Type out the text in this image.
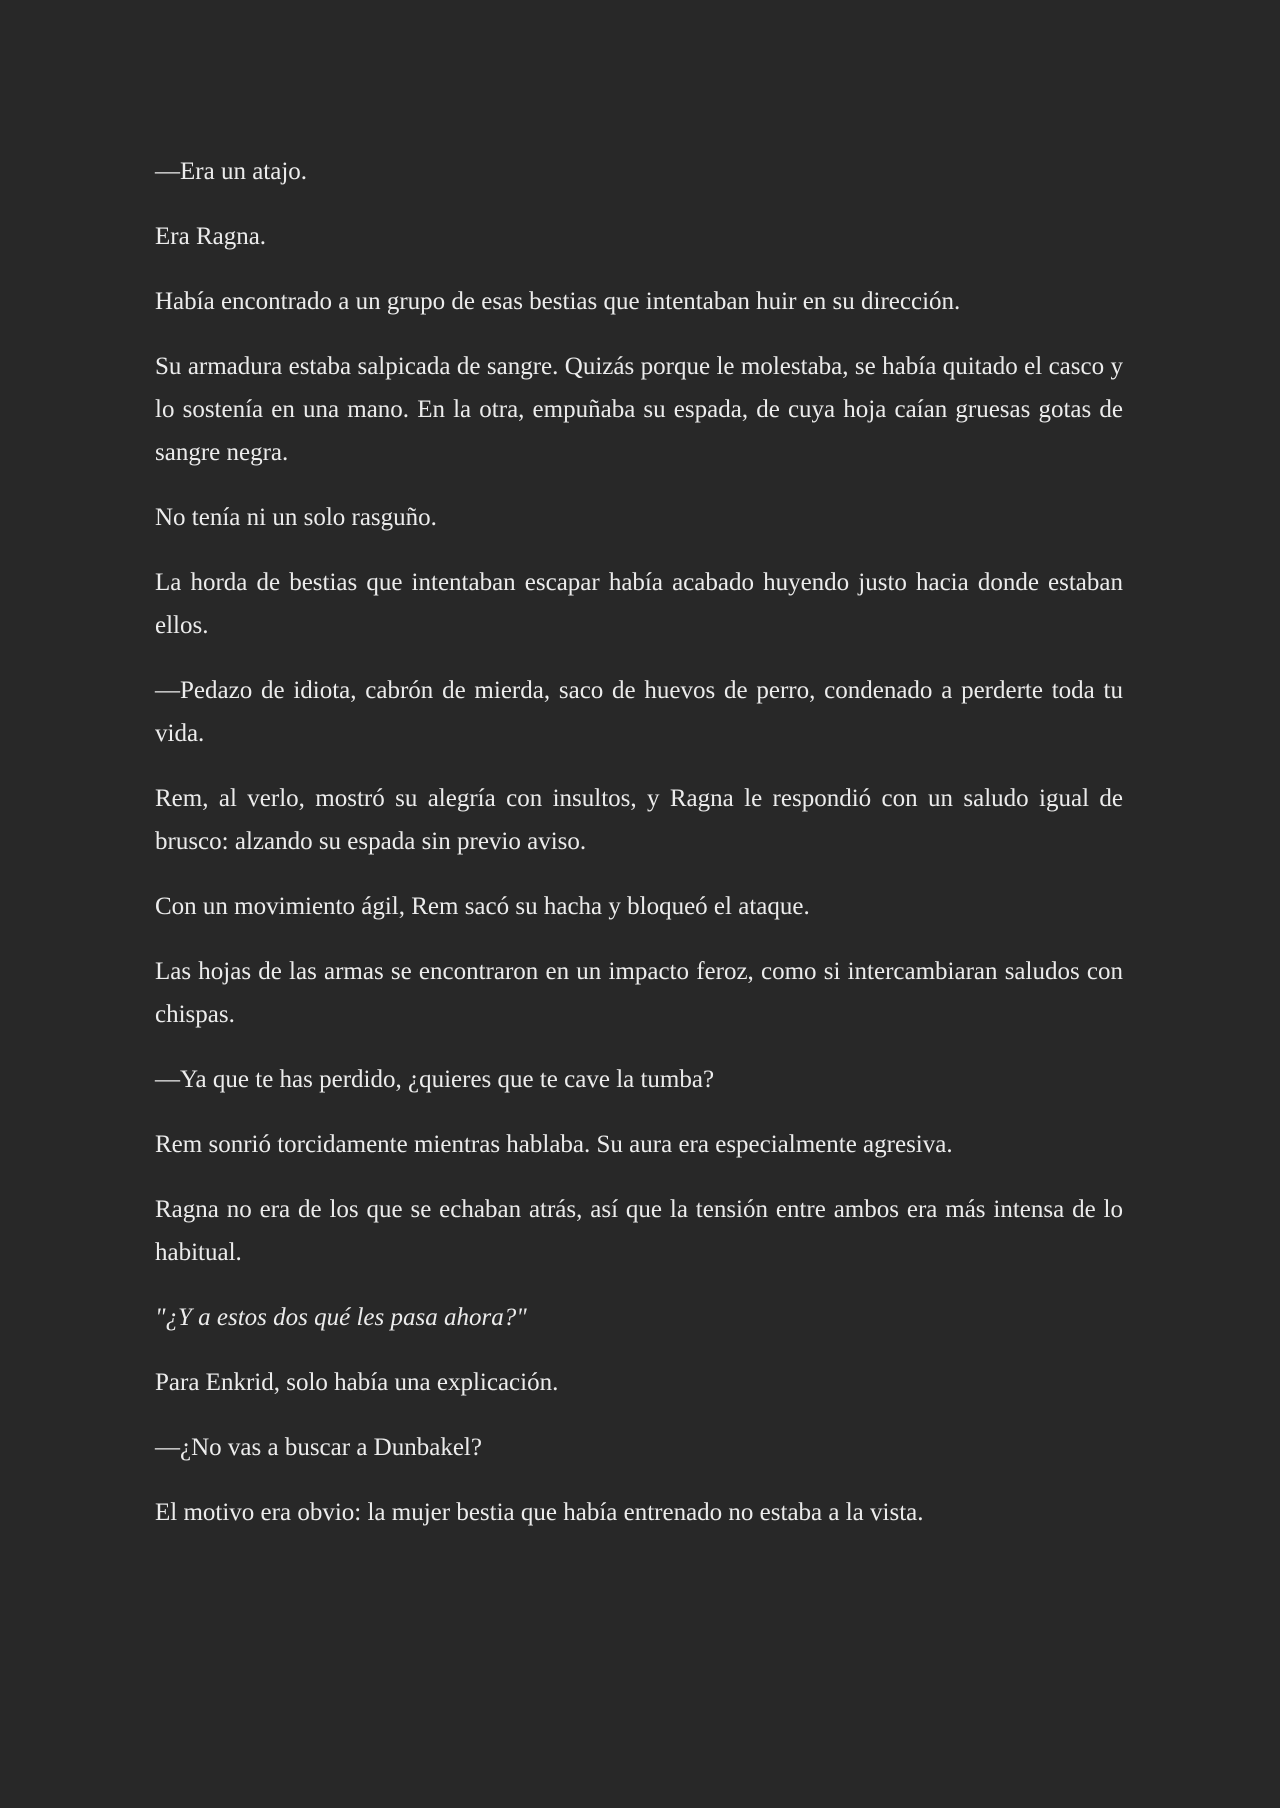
—Era un atajo.

Era Ragna.

Había encontrado a un grupo de esas bestias que intentaban huir en su dirección.

Su armadura estaba salpicada de sangre. Quizás porque le molestaba, se había quitado el casco y lo sostenía en una mano. En la otra, empuñaba su espada, de cuya hoja caían gruesas gotas de sangre negra.

No tenía ni un solo rasguño.

La horda de bestias que intentaban escapar había acabado huyendo justo hacia donde estaban ellos.

—Pedazo de idiota, cabrón de mierda, saco de huevos de perro, condenado a perderte toda tu vida.

Rem, al verlo, mostró su alegría con insultos, y Ragna le respondió con un saludo igual de brusco: alzando su espada sin previo aviso.

Con un movimiento ágil, Rem sacó su hacha y bloqueó el ataque.

Las hojas de las armas se encontraron en un impacto feroz, como si intercambiaran saludos con chispas.

—Ya que te has perdido, ¿quieres que te cave la tumba?

Rem sonrió torcidamente mientras hablaba. Su aura era especialmente agresiva.

Ragna no era de los que se echaban atrás, así que la tensión entre ambos era más intensa de lo habitual.

"¿Y a estos dos qué les pasa ahora?"

Para Enkrid, solo había una explicación.

—¿No vas a buscar a Dunbakel?

El motivo era obvio: la mujer bestia que había entrenado no estaba a la vista.
